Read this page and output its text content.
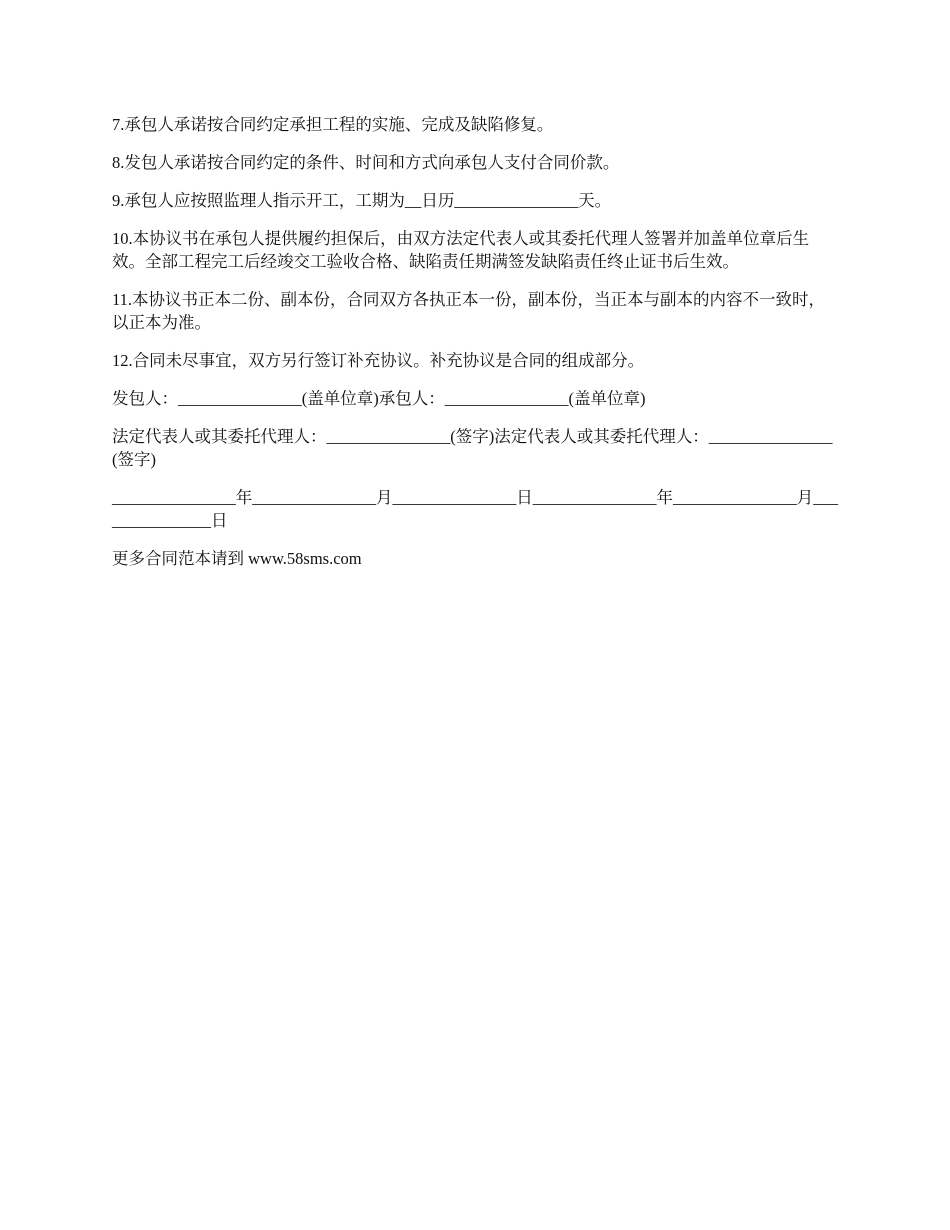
7.承包人承诺按合同约定承担工程的实施、完成及缺陷修复。

8.发包人承诺按合同约定的条件、时间和方式向承包人支付合同价款。

9.承包人应按照监理人指示开工，工期为__日历_______________天。

10.本协议书在承包人提供履约担保后，由双方法定代表人或其委托代理人签署并加盖单位章后生效。全部工程完工后经竣交工验收合格、缺陷责任期满签发缺陷责任终止证书后生效。

11.本协议书正本二份、副本份，合同双方各执正本一份，副本份，当正本与副本的内容不一致时，以正本为准。

12.合同未尽事宜，双方另行签订补充协议。补充协议是合同的组成部分。

发包人：_______________(盖单位章)承包人：_______________(盖单位章)

法定代表人或其委托代理人：_______________(签字)法定代表人或其委托代理人：_______________(签字)

_______________年_______________月_______________日_______________年_______________月_______________日

更多合同范本请到 www.58sms.com
